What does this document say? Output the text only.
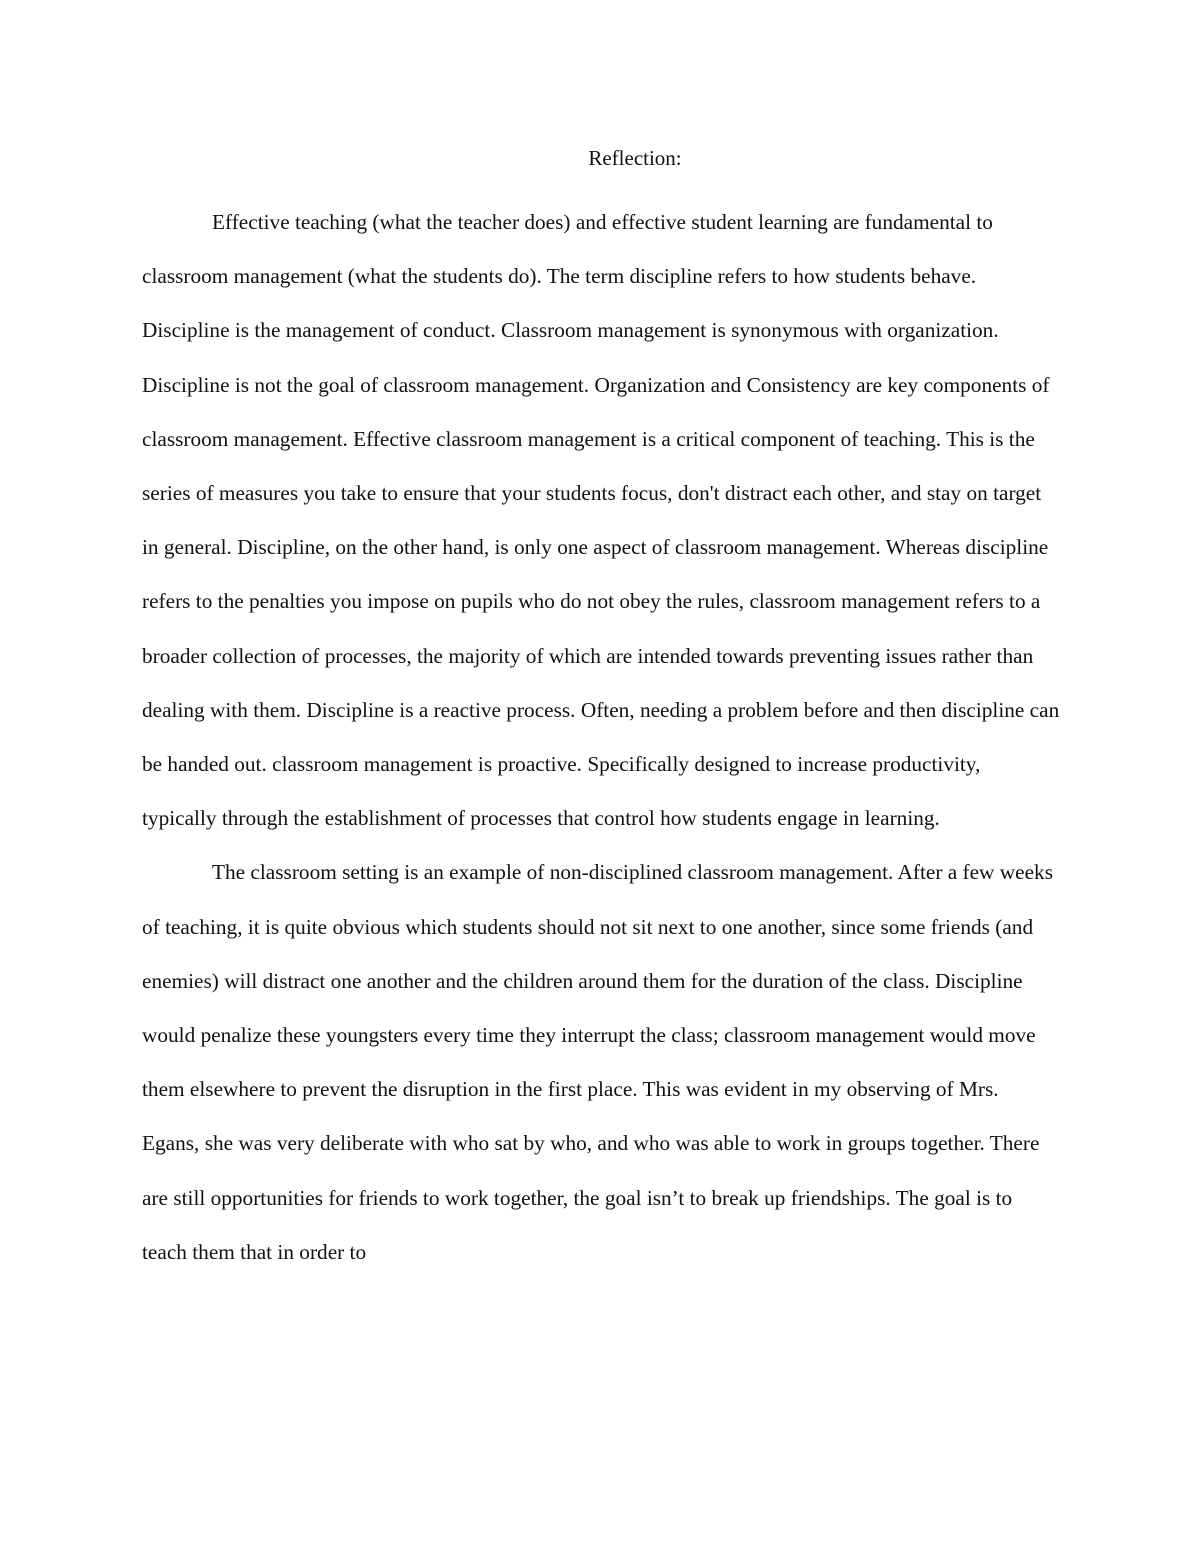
Reflection:

Effective teaching (what the teacher does) and effective student learning are fundamental to classroom management (what the students do). The term discipline refers to how students behave. Discipline is the management of conduct. Classroom management is synonymous with organization. Discipline is not the goal of classroom management. Organization and Consistency are key components of classroom management. Effective classroom management is a critical component of teaching. This is the series of measures you take to ensure that your students focus, don't distract each other, and stay on target in general. Discipline, on the other hand, is only one aspect of classroom management. Whereas discipline refers to the penalties you impose on pupils who do not obey the rules, classroom management refers to a broader collection of processes, the majority of which are intended towards preventing issues rather than dealing with them. Discipline is a reactive process. Often, needing a problem before and then discipline can be handed out. classroom management is proactive. Specifically designed to increase productivity, typically through the establishment of processes that control how students engage in learning.

The classroom setting is an example of non-disciplined classroom management. After a few weeks of teaching, it is quite obvious which students should not sit next to one another, since some friends (and enemies) will distract one another and the children around them for the duration of the class. Discipline would penalize these youngsters every time they interrupt the class; classroom management would move them elsewhere to prevent the disruption in the first place. This was evident in my observing of Mrs. Egans, she was very deliberate with who sat by who, and who was able to work in groups together. There are still opportunities for friends to work together, the goal isn’t to break up friendships. The goal is to teach them that in order to
